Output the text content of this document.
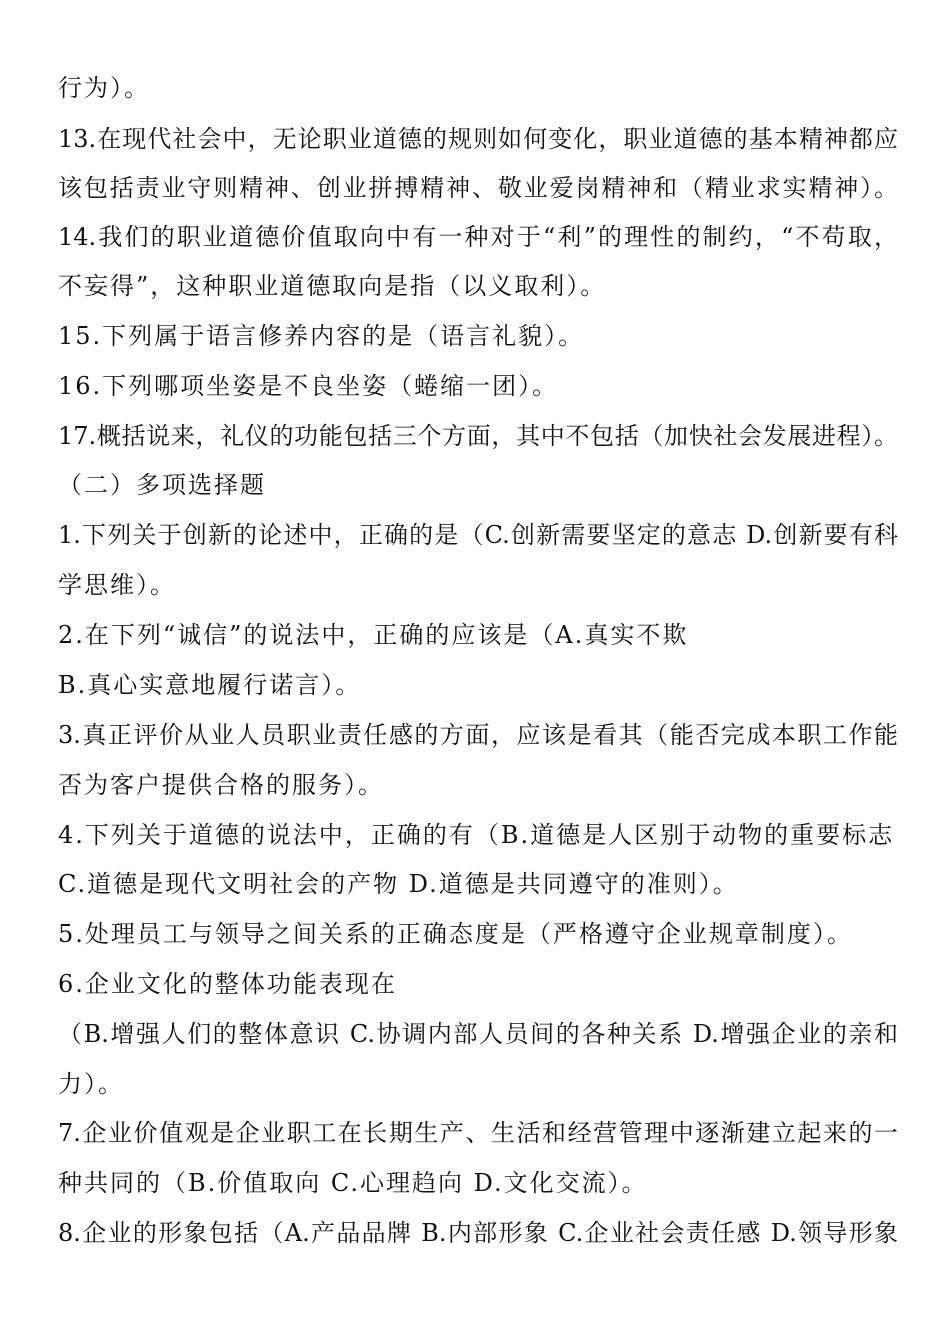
行为）。
13.在现代社会中，无论职业道德的规则如何变化，职业道德的基本精神都应
该包括责业守则精神、创业拼搏精神、敬业爱岗精神和（精业求实精神）。
14.我们的职业道德价值取向中有一种对于“利”的理性的制约，“不苟取，
不妄得”，这种职业道德取向是指（以义取利）。
15.下列属于语言修养内容的是（语言礼貌）。
16.下列哪项坐姿是不良坐姿（蜷缩一团）。
17.概括说来，礼仪的功能包括三个方面，其中不包括（加快社会发展进程）。
（二）多项选择题
1.下列关于创新的论述中，正确的是（C.创新需要坚定的意志 D.创新要有科
学思维）。
2.在下列“诚信”的说法中，正确的应该是（A.真实不欺
B.真心实意地履行诺言）。
3.真正评价从业人员职业责任感的方面，应该是看其（能否完成本职工作能
否为客户提供合格的服务）。
4.下列关于道德的说法中，正确的有（B.道德是人区别于动物的重要标志
C.道德是现代文明社会的产物 D.道德是共同遵守的准则）。
5.处理员工与领导之间关系的正确态度是（严格遵守企业规章制度）。
6.企业文化的整体功能表现在
（B.增强人们的整体意识 C.协调内部人员间的各种关系 D.增强企业的亲和
力）。
7.企业价值观是企业职工在长期生产、生活和经营管理中逐渐建立起来的一
种共同的（B.价值取向 C.心理趋向 D.文化交流）。
8.企业的形象包括（A.产品品牌 B.内部形象 C.企业社会责任感 D.领导形象
